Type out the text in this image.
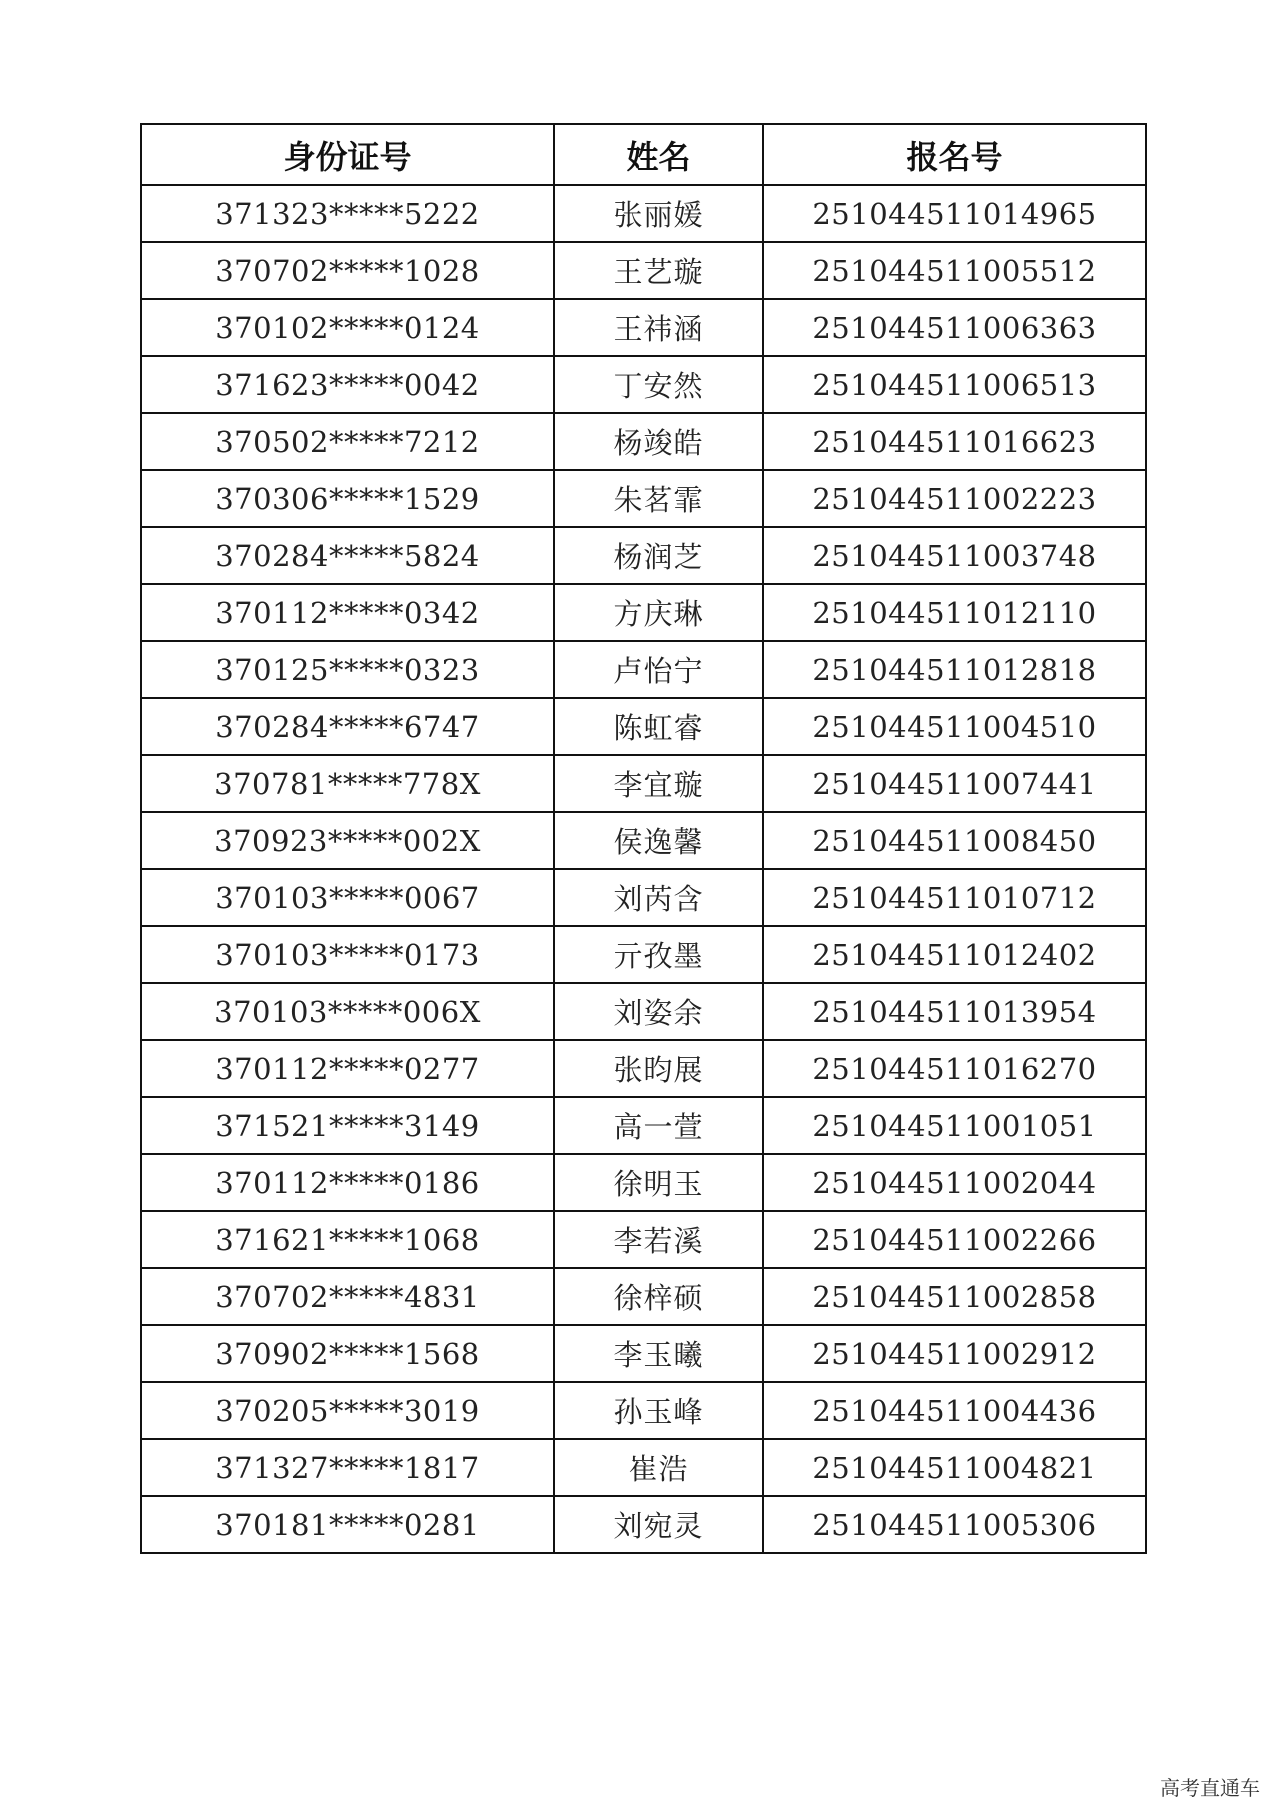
身份证号	姓名	报名号
371323*****5222	张丽媛	251044511014965
370702*****1028	王艺璇	251044511005512
370102*****0124	王祎涵	251044511006363
371623*****0042	丁安然	251044511006513
370502*****7212	杨竣皓	251044511016623
370306*****1529	朱茗霏	251044511002223
370284*****5824	杨润芝	251044511003748
370112*****0342	方庆琳	251044511012110
370125*****0323	卢怡宁	251044511012818
370284*****6747	陈虹睿	251044511004510
370781*****778X	李宜璇	251044511007441
370923*****002X	侯逸馨	251044511008450
370103*****0067	刘芮含	251044511010712
370103*****0173	亓孜墨	251044511012402
370103*****006X	刘姿余	251044511013954
370112*****0277	张昀展	251044511016270
371521*****3149	高一萱	251044511001051
370112*****0186	徐明玉	251044511002044
371621*****1068	李若溪	251044511002266
370702*****4831	徐梓硕	251044511002858
370902*****1568	李玉曦	251044511002912
370205*****3019	孙玉峰	251044511004436
371327*****1817	崔浩	251044511004821
370181*****0281	刘宛灵	251044511005306
高考直通车
